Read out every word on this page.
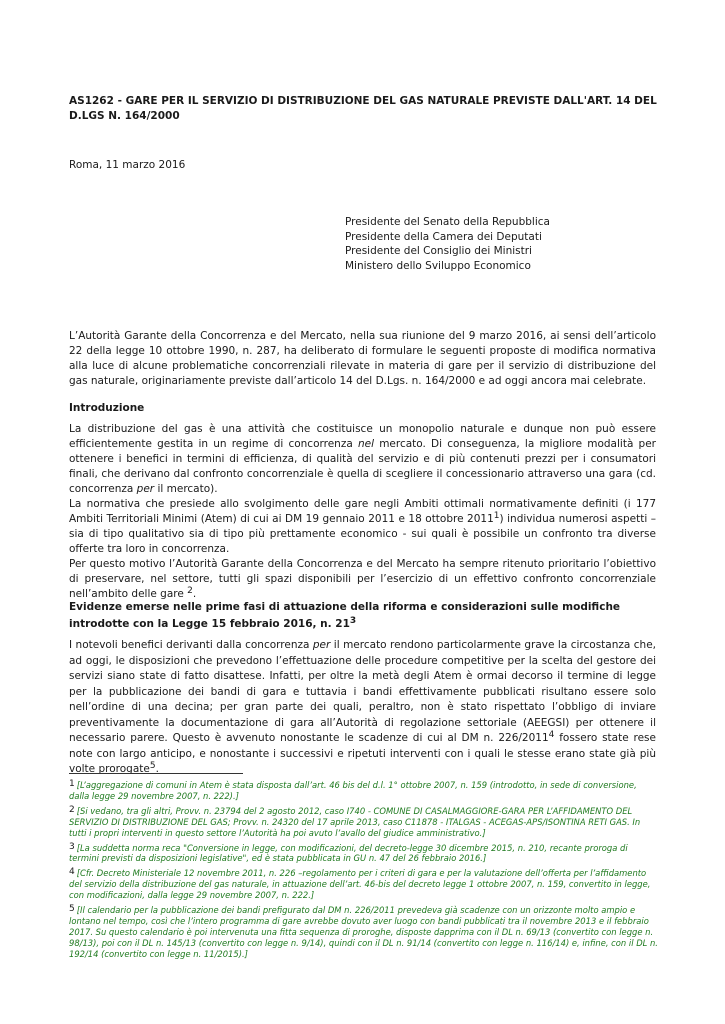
AS1262 - GARE PER IL SERVIZIO DI DISTRIBUZIONE DEL GAS NATURALE PREVISTE DALL'ART. 14 DEL D.LGS N. 164/2000
Roma, 11 marzo 2016
Presidente del Senato della Repubblica
Presidente della Camera dei Deputati
Presidente del Consiglio dei Ministri
Ministero dello Sviluppo Economico

L’Autorità Garante della Concorrenza e del Mercato, nella sua riunione del 9 marzo 2016, ai sensi dell’articolo 22 della legge 10 ottobre 1990, n. 287, ha deliberato di formulare le seguenti proposte di modifica normativa alla luce di alcune problematiche concorrenziali rilevate in materia di gare per il servizio di distribuzione del gas naturale, originariamente previste dall’articolo 14 del D.Lgs. n. 164/2000 e ad oggi ancora mai celebrate.

Introduzione

La distribuzione del gas è una attività che costituisce un monopolio naturale e dunque non può essere efficientemente gestita in un regime di concorrenza nel mercato. Di conseguenza, la migliore modalità per ottenere i benefici in termini di efficienza, di qualità del servizio e di più contenuti prezzi per i consumatori finali, che derivano dal confronto concorrenziale è quella di scegliere il concessionario attraverso una gara (cd. concorrenza per il mercato).

La normativa che presiede allo svolgimento delle gare negli Ambiti ottimali normativamente definiti (i 177 Ambiti Territoriali Minimi (Atem) di cui ai DM 19 gennaio 2011 e 18 ottobre 20111) individua numerosi aspetti – sia di tipo qualitativo sia di tipo più prettamente economico - sui quali è possibile un confronto tra diverse offerte tra loro in concorrenza.

Per questo motivo l’Autorità Garante della Concorrenza e del Mercato ha sempre ritenuto prioritario l’obiettivo di preservare, nel settore, tutti gli spazi disponibili per l’esercizio di un effettivo confronto concorrenziale nell’ambito delle gare 2.

Evidenze emerse nelle prime fasi di attuazione della riforma e considerazioni sulle modifiche introdotte con la Legge 15 febbraio 2016, n. 213

I notevoli benefici derivanti dalla concorrenza per il mercato rendono particolarmente grave la circostanza che, ad oggi, le disposizioni che prevedono l’effettuazione delle procedure competitive per la scelta del gestore dei servizi siano state di fatto disattese. Infatti, per oltre la metà degli Atem è ormai decorso il termine di legge per la pubblicazione dei bandi di gara e tuttavia i bandi effettivamente pubblicati risultano essere solo nell’ordine di una decina; per gran parte dei quali, peraltro, non è stato rispettato l’obbligo di inviare preventivamente la documentazione di gara all’Autorità di regolazione settoriale (AEEGSI) per ottenere il necessario parere. Questo è avvenuto nonostante le scadenze di cui al DM n. 226/20114 fossero state rese note con largo anticipo, e nonostante i successivi e ripetuti interventi con i quali le stesse erano state già più volte prorogate5.

1 [L’aggregazione di comuni in Atem è stata disposta dall’art. 46 bis del d.l. 1° ottobre 2007, n. 159 (introdotto, in sede di conversione, dalla legge 29 novembre 2007, n. 222).]

2 [Si vedano, tra gli altri, Provv. n. 23794 del 2 agosto 2012, caso I740 - COMUNE DI CASALMAGGIORE-GARA PER L’AFFIDAMENTO DEL SERVIZIO DI DISTRIBUZIONE DEL GAS; Provv. n. 24320 del 17 aprile 2013, caso C11878 - ITALGAS - ACEGAS-APS/ISONTINA RETI GAS. In tutti i propri interventi in questo settore l’Autorità ha poi avuto l’avallo del giudice amministrativo.]

3 [La suddetta norma reca "Conversione in legge, con modificazioni, del decreto-legge 30 dicembre 2015, n. 210, recante proroga di termini previsti da disposizioni legislative", ed è stata pubblicata in GU n. 47 del 26 febbraio 2016.]

4 [Cfr. Decreto Ministeriale 12 novembre 2011, n. 226 –regolamento per i criteri di gara e per la valutazione dell’offerta per l’affidamento del servizio della distribuzione del gas naturale, in attuazione dell’art. 46-bis del decreto legge 1 ottobre 2007, n. 159, convertito in legge, con modificazioni, dalla legge 29 novembre 2007, n. 222.]

5 [Il calendario per la pubblicazione dei bandi prefigurato dal DM n. 226/2011 prevedeva già scadenze con un orizzonte molto ampio e lontano nel tempo, così che l’intero programma di gare avrebbe dovuto aver luogo con bandi pubblicati tra il novembre 2013 e il febbraio 2017. Su questo calendario è poi intervenuta una fitta sequenza di proroghe, disposte dapprima con il DL n. 69/13 (convertito con legge n. 98/13), poi con il DL n. 145/13 (convertito con legge n. 9/14), quindi con il DL n. 91/14 (convertito con legge n. 116/14) e, infine, con il DL n. 192/14 (convertito con legge n. 11/2015).]
